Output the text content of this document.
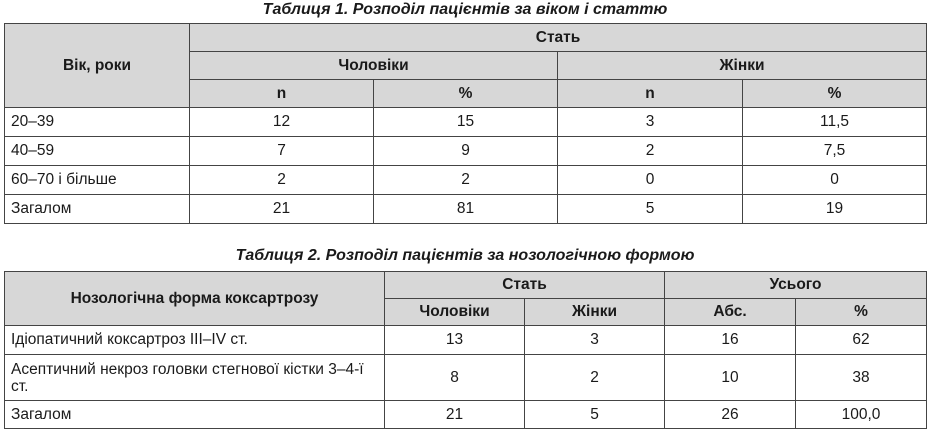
Таблиця 1. Розподіл пацієнтів за віком і статтю
Вік, роки	Стать			
	Чоловіки		Жінки	
	n	%	n	%
20–39	12	15	3	11,5
40–59	7	9	2	7,5
60–70 і більше	2	2	0	0
Загалом	21	81	5	19
Таблиця 2. Розподіл пацієнтів за нозологічною формою
Нозологічна форма коксартрозу	Стать		Усього	
	Чоловіки	Жінки	Абс.	%
Ідіопатичний коксартроз III–IV ст.	13	3	16	62
Асептичний некроз головки стегнової кістки 3–4-ї ст.	8	2	10	38
Загалом	21	5	26	100,0
